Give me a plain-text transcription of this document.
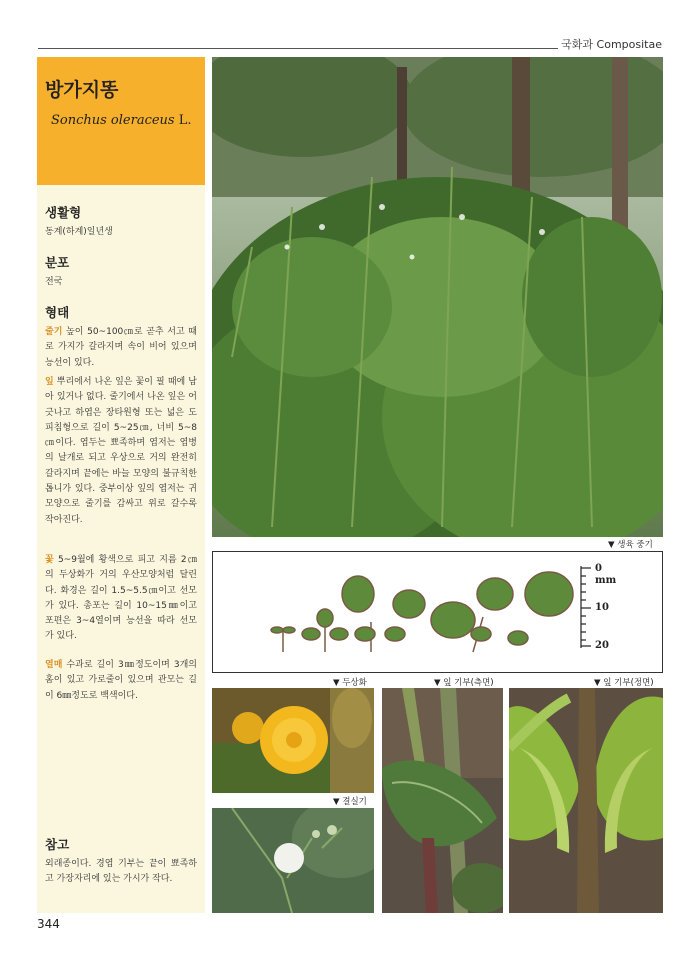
국화과 Compositae
방가지똥
Sonchus oleraceus L.
생활형
동계(하계)일년생
분포
전국
형태
줄기 높이 50~100㎝로 곧추 서고 때로 가지가 갈라지며 속이 비어 있으며 능선이 있다.
잎 뿌리에서 나온 잎은 꽃이 필 때에 남아 있거나 없다. 줄기에서 나온 잎은 어긋나고 하엽은 장타원형 또는 넓은 도피침형으로 길이 5~25㎝, 너비 5~8㎝이다. 엽두는 뾰족하며 엽저는 엽병의 날개로 되고 우상으로 거의 완전히 갈라지며 끝에는 바늘 모양의 불규칙한 톱니가 있다. 중부이상 잎의 엽저는 귀모양으로 줄기를 감싸고 위로 갈수록 작아진다.
꽃 5~9월에 황색으로 피고 지름 2㎝의 두상화가 거의 우산모양처럼 달린다. 화경은 길이 1.5~5.5㎝이고 선모가 있다. 총포는 길이 10~15㎜이고 포편은 3~4열이며 능선을 따라 선모가 있다.
열매 수과로 길이 3㎜정도이며 3개의 홈이 있고 가로줄이 있으며 관모는 길이 6㎜정도로 백색이다.
참고
외래종이다. 경엽 기부는 끝이 뾰족하고 가장자리에 있는 가시가 작다.
▼ 생육 중기
0
mm
10
20
▼ 두상화	▼ 잎 기부(측면)	▼ 잎 기부(정면)
▼ 결실기
344
